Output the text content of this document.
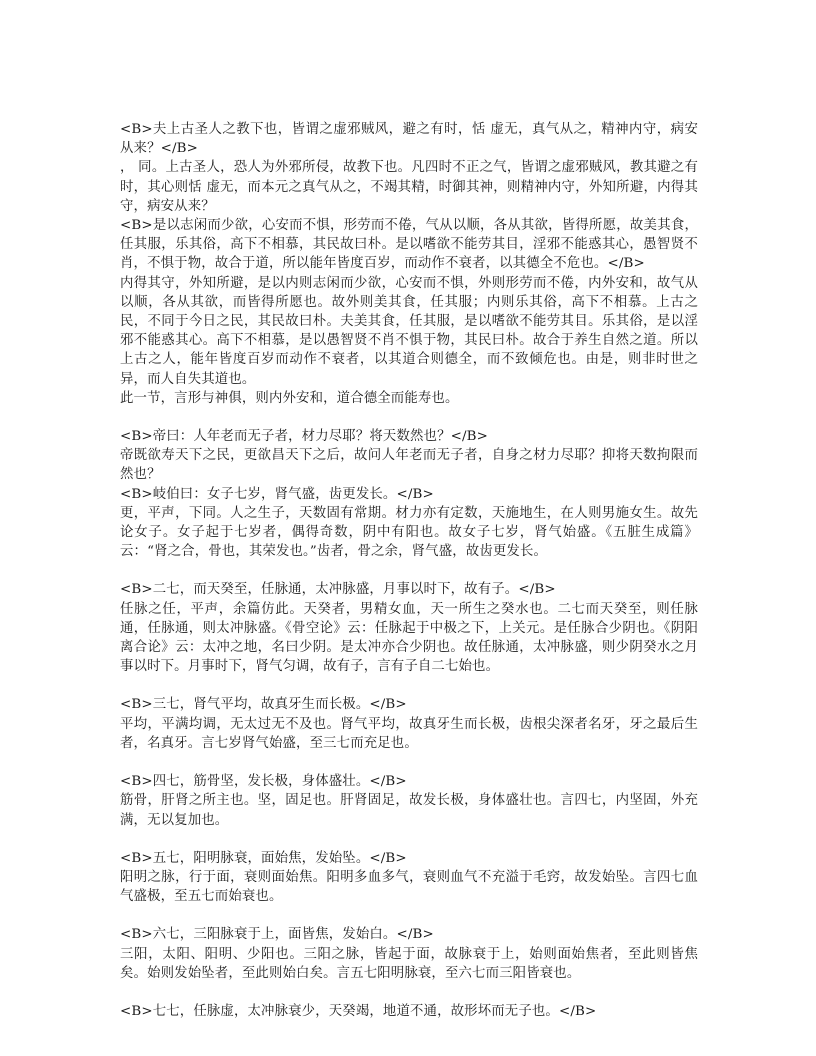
<B>夫上古圣人之教下也，皆谓之虚邪贼风，避之有时，恬 虚无，真气从之，精神内守，病安从来？</B>

， 同。上古圣人，恐人为外邪所侵，故教下也。凡四时不正之气，皆谓之虚邪贼风，教其避之有时，其心则恬 虚无，而本元之真气从之，不竭其精，时御其神，则精神内守，外知所避，内得其守，病安从来？

<B>是以志闲而少欲，心安而不惧，形劳而不倦，气从以顺，各从其欲，皆得所愿，故美其食，任其服，乐其俗，高下不相慕，其民故曰朴。是以嗜欲不能劳其目，淫邪不能惑其心，愚智贤不肖，不惧于物，故合于道，所以能年皆度百岁，而动作不衰者，以其德全不危也。</B>

内得其守，外知所避，是以内则志闲而少欲，心安而不惧，外则形劳而不倦，内外安和，故气从以顺，各从其欲，而皆得所愿也。故外则美其食，任其服；内则乐其俗，高下不相慕。上古之民，不同于今日之民，其民故曰朴。夫美其食，任其服，是以嗜欲不能劳其目。乐其俗，是以淫邪不能惑其心。高下不相慕，是以愚智贤不肖不惧于物，其民曰朴。故合于养生自然之道。所以上古之人，能年皆度百岁而动作不衰者，以其道合则德全，而不致倾危也。由是，则非时世之异，而人自失其道也。

此一节，言形与神俱，则内外安和，道合德全而能寿也。

<B>帝曰：人年老而无子者，材力尽耶？将天数然也？</B>

帝既欲寿天下之民，更欲昌天下之后，故问人年老而无子者，自身之材力尽耶？抑将天数拘限而然也？

<B>岐伯曰：女子七岁，肾气盛，齿更发长。</B>

更，平声，下同。人之生子，天数固有常期。材力亦有定数，天施地生，在人则男施女生。故先论女子。女子起于七岁者，偶得奇数，阴中有阳也。故女子七岁，肾气始盛。《五脏生成篇》云：“肾之合，骨也，其荣发也。”齿者，骨之余，肾气盛，故齿更发长。

<B>二七，而天癸至，任脉通，太冲脉盛，月事以时下，故有子。</B>

任脉之任，平声，余篇仿此。天癸者，男精女血，天一所生之癸水也。二七而天癸至，则任脉通，任脉通，则太冲脉盛。《骨空论》云：任脉起于中极之下，上关元。是任脉合少阴也。《阴阳离合论》云：太冲之地，名曰少阴。是太冲亦合少阴也。故任脉通，太冲脉盛，则少阴癸水之月事以时下。月事时下，肾气匀调，故有子，言有子自二七始也。

<B>三七，肾气平均，故真牙生而长极。</B>

平均，平满均调，无太过无不及也。肾气平均，故真牙生而长极，齿根尖深者名牙，牙之最后生者，名真牙。言七岁肾气始盛，至三七而充足也。

<B>四七，筋骨坚，发长极，身体盛壮。</B>

筋骨，肝肾之所主也。坚，固足也。肝肾固足，故发长极，身体盛壮也。言四七，内坚固，外充满，无以复加也。

<B>五七，阳明脉衰，面始焦，发始坠。</B>

阳明之脉，行于面，衰则面始焦。阳明多血多气，衰则血气不充溢于毛窍，故发始坠。言四七血气盛极，至五七而始衰也。

<B>六七，三阳脉衰于上，面皆焦，发始白。</B>

三阳，太阳、阳明、少阳也。三阳之脉，皆起于面，故脉衰于上，始则面始焦者，至此则皆焦矣。始则发始坠者，至此则始白矣。言五七阳明脉衰，至六七而三阳皆衰也。

<B>七七，任脉虚，太冲脉衰少，天癸竭，地道不通，故形坏而无子也。</B>
